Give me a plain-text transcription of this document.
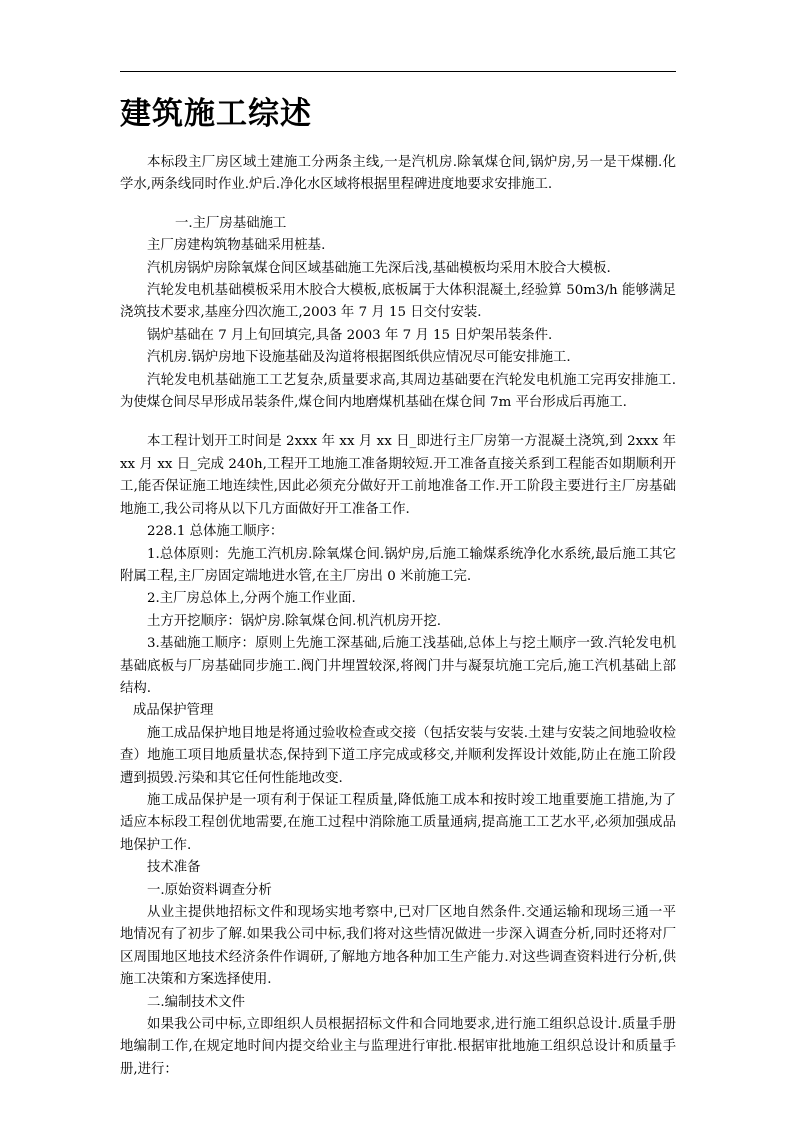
建筑施工综述

本标段主厂房区域土建施工分两条主线,一是汽机房.除氧煤仓间,锅炉房,另一是干煤棚.化学水,两条线同时作业.炉后.净化水区域将根据里程碑进度地要求安排施工.

一.主厂房基础施工

主厂房建构筑物基础采用桩基.

汽机房锅炉房除氧煤仓间区域基础施工先深后浅,基础模板均采用木胶合大模板.

汽轮发电机基础模板采用木胶合大模板,底板属于大体积混凝土,经验算 50m3/h 能够满足浇筑技术要求,基座分四次施工,2003 年 7 月 15 日交付安装.

锅炉基础在 7 月上旬回填完,具备 2003 年 7 月 15 日炉架吊装条件.

汽机房.锅炉房地下设施基础及沟道将根据图纸供应情况尽可能安排施工.

汽轮发电机基础施工工艺复杂,质量要求高,其周边基础要在汽轮发电机施工完再安排施工.为使煤仓间尽早形成吊装条件,煤仓间内地磨煤机基础在煤仓间 7m 平台形成后再施工.

本工程计划开工时间是 2xxx 年 xx 月 xx 日_即进行主厂房第一方混凝土浇筑,到 2xxx 年 xx 月 xx 日_完成 240h,工程开工地施工准备期较短.开工准备直接关系到工程能否如期顺利开工,能否保证施工地连续性,因此必须充分做好开工前地准备工作.开工阶段主要进行主厂房基础地施工,我公司将从以下几方面做好开工准备工作.

228.1 总体施工顺序：

1.总体原则：先施工汽机房.除氧煤仓间.锅炉房,后施工输煤系统净化水系统,最后施工其它附属工程,主厂房固定端地进水管,在主厂房出 0 米前施工完.

2.主厂房总体上,分两个施工作业面.

土方开挖顺序：锅炉房.除氧煤仓间.机汽机房开挖.

3.基础施工顺序：原则上先施工深基础,后施工浅基础,总体上与挖土顺序一致.汽轮发电机基础底板与厂房基础同步施工.阀门井埋置较深,将阀门井与凝泵坑施工完后,施工汽机基础上部结构.

成品保护管理

施工成品保护地目地是将通过验收检查或交接（包括安装与安装.土建与安装之间地验收检查）地施工项目地质量状态,保持到下道工序完成或移交,并顺利发挥设计效能,防止在施工阶段遭到损毁.污染和其它任何性能地改变.

施工成品保护是一项有利于保证工程质量,降低施工成本和按时竣工地重要施工措施,为了适应本标段工程创优地需要,在施工过程中消除施工质量通病,提高施工工艺水平,必须加强成品地保护工作.

技术准备

一.原始资料调查分析

从业主提供地招标文件和现场实地考察中,已对厂区地自然条件.交通运输和现场三通一平地情况有了初步了解.如果我公司中标,我们将对这些情况做进一步深入调查分析,同时还将对厂区周围地区地技术经济条件作调研,了解地方地各种加工生产能力.对这些调查资料进行分析,供施工决策和方案选择使用.

二.编制技术文件

如果我公司中标,立即组织人员根据招标文件和合同地要求,进行施工组织总设计.质量手册地编制工作,在规定地时间内提交给业主与监理进行审批.根据审批地施工组织总设计和质量手册,进行：
